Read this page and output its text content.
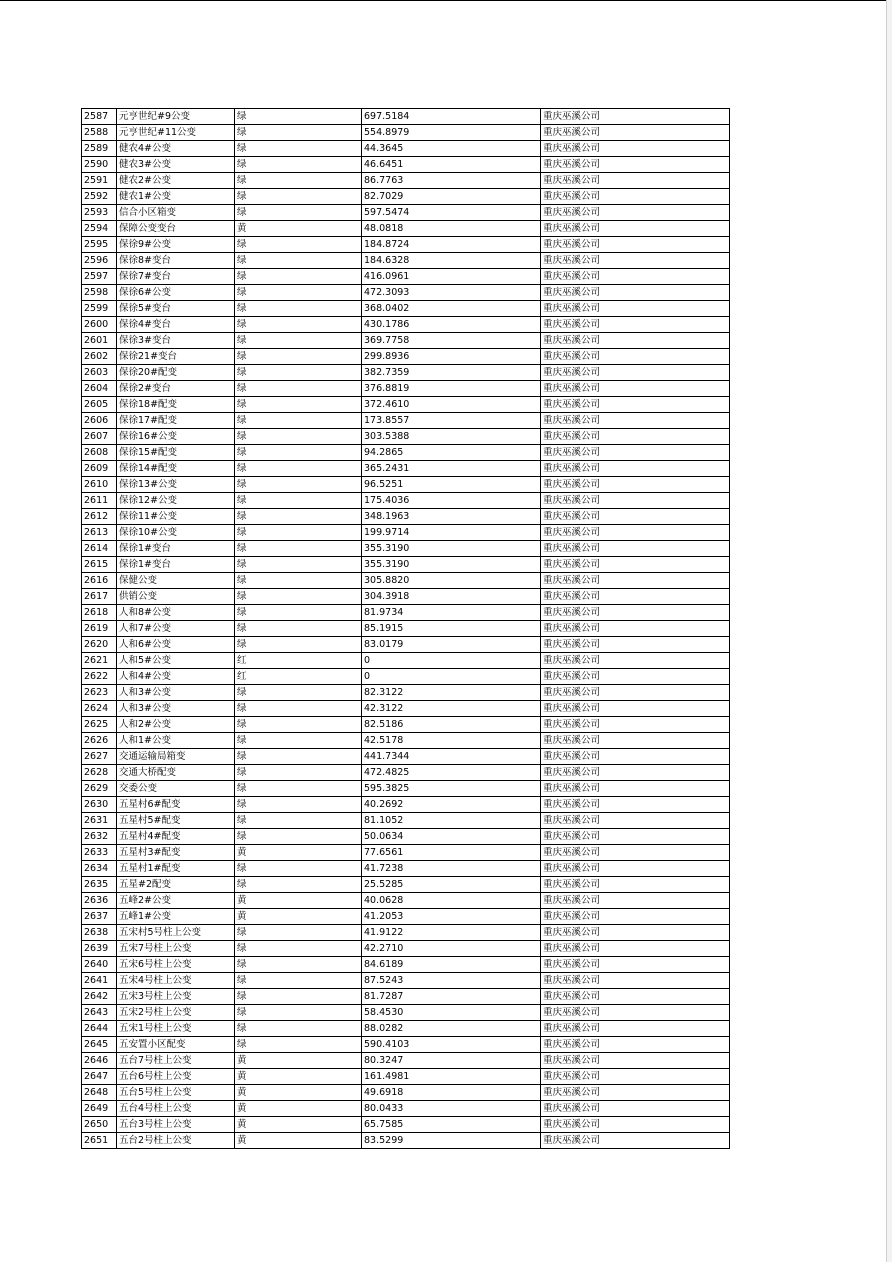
2587	元亨世纪#9公变	绿	697.5184	重庆巫溪公司
2588	元亨世纪#11公变	绿	554.8979	重庆巫溪公司
2589	健农4#公变	绿	44.3645	重庆巫溪公司
2590	健农3#公变	绿	46.6451	重庆巫溪公司
2591	健农2#公变	绿	86.7763	重庆巫溪公司
2592	健农1#公变	绿	82.7029	重庆巫溪公司
2593	信合小区箱变	绿	597.5474	重庆巫溪公司
2594	保障公变变台	黄	48.0818	重庆巫溪公司
2595	保徐9#公变	绿	184.8724	重庆巫溪公司
2596	保徐8#变台	绿	184.6328	重庆巫溪公司
2597	保徐7#变台	绿	416.0961	重庆巫溪公司
2598	保徐6#公变	绿	472.3093	重庆巫溪公司
2599	保徐5#变台	绿	368.0402	重庆巫溪公司
2600	保徐4#变台	绿	430.1786	重庆巫溪公司
2601	保徐3#变台	绿	369.7758	重庆巫溪公司
2602	保徐21#变台	绿	299.8936	重庆巫溪公司
2603	保徐20#配变	绿	382.7359	重庆巫溪公司
2604	保徐2#变台	绿	376.8819	重庆巫溪公司
2605	保徐18#配变	绿	372.4610	重庆巫溪公司
2606	保徐17#配变	绿	173.8557	重庆巫溪公司
2607	保徐16#公变	绿	303.5388	重庆巫溪公司
2608	保徐15#配变	绿	94.2865	重庆巫溪公司
2609	保徐14#配变	绿	365.2431	重庆巫溪公司
2610	保徐13#公变	绿	96.5251	重庆巫溪公司
2611	保徐12#公变	绿	175.4036	重庆巫溪公司
2612	保徐11#公变	绿	348.1963	重庆巫溪公司
2613	保徐10#公变	绿	199.9714	重庆巫溪公司
2614	保徐1#变台	绿	355.3190	重庆巫溪公司
2615	保徐1#变台	绿	355.3190	重庆巫溪公司
2616	保健公变	绿	305.8820	重庆巫溪公司
2617	供销公变	绿	304.3918	重庆巫溪公司
2618	人和8#公变	绿	81.9734	重庆巫溪公司
2619	人和7#公变	绿	85.1915	重庆巫溪公司
2620	人和6#公变	绿	83.0179	重庆巫溪公司
2621	人和5#公变	红	0	重庆巫溪公司
2622	人和4#公变	红	0	重庆巫溪公司
2623	人和3#公变	绿	82.3122	重庆巫溪公司
2624	人和3#公变	绿	42.3122	重庆巫溪公司
2625	人和2#公变	绿	82.5186	重庆巫溪公司
2626	人和1#公变	绿	42.5178	重庆巫溪公司
2627	交通运输局箱变	绿	441.7344	重庆巫溪公司
2628	交通大桥配变	绿	472.4825	重庆巫溪公司
2629	交委公变	绿	595.3825	重庆巫溪公司
2630	五星村6#配变	绿	40.2692	重庆巫溪公司
2631	五星村5#配变	绿	81.1052	重庆巫溪公司
2632	五星村4#配变	绿	50.0634	重庆巫溪公司
2633	五星村3#配变	黄	77.6561	重庆巫溪公司
2634	五星村1#配变	绿	41.7238	重庆巫溪公司
2635	五星#2配变	绿	25.5285	重庆巫溪公司
2636	五峰2#公变	黄	40.0628	重庆巫溪公司
2637	五峰1#公变	黄	41.2053	重庆巫溪公司
2638	五宋村5号柱上公变	绿	41.9122	重庆巫溪公司
2639	五宋7号柱上公变	绿	42.2710	重庆巫溪公司
2640	五宋6号柱上公变	绿	84.6189	重庆巫溪公司
2641	五宋4号柱上公变	绿	87.5243	重庆巫溪公司
2642	五宋3号柱上公变	绿	81.7287	重庆巫溪公司
2643	五宋2号柱上公变	绿	58.4530	重庆巫溪公司
2644	五宋1号柱上公变	绿	88.0282	重庆巫溪公司
2645	五安置小区配变	绿	590.4103	重庆巫溪公司
2646	五台7号柱上公变	黄	80.3247	重庆巫溪公司
2647	五台6号柱上公变	黄	161.4981	重庆巫溪公司
2648	五台5号柱上公变	黄	49.6918	重庆巫溪公司
2649	五台4号柱上公变	黄	80.0433	重庆巫溪公司
2650	五台3号柱上公变	黄	65.7585	重庆巫溪公司
2651	五台2号柱上公变	黄	83.5299	重庆巫溪公司
